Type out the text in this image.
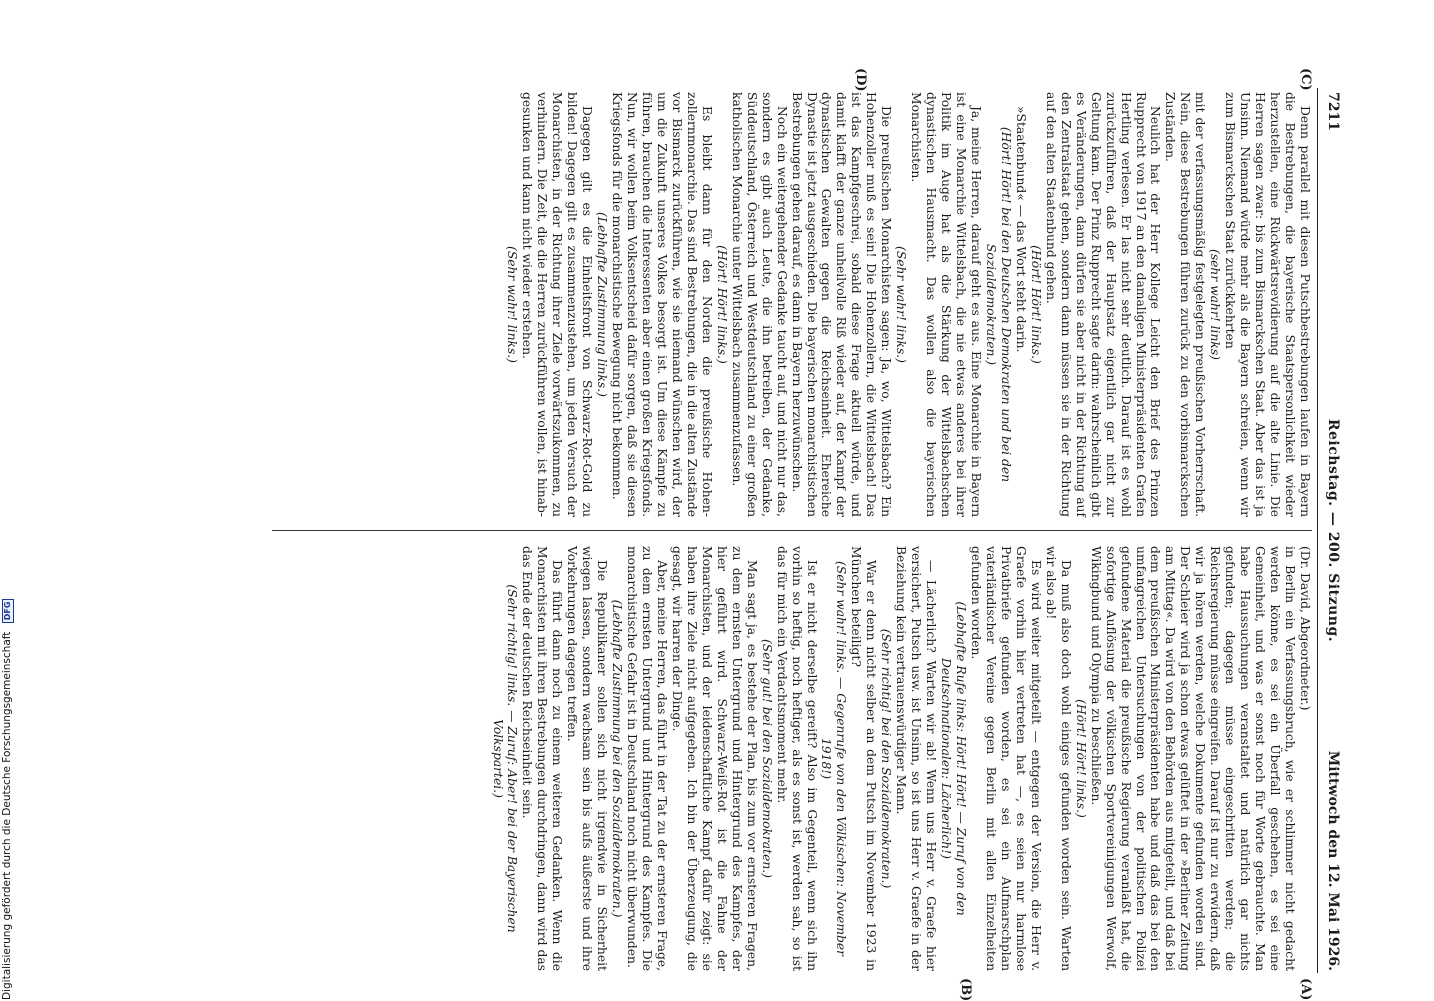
7211
Reichstag. — 200. Sitzung.
(C)
(D)
(A)
(B)

(Dr. David, Abgeordneter.)

in Berlin ein Verfassungsbruch, wie er schlimmer nicht gedacht werden könne, es sei ein Überfall geschehen, es sei eine Gemeinheit, und was er sonst noch für Worte gebrauchte. Man habe Haussuchungen veranstaltet und natürlich gar nichts gefunden; dagegen müsse eingeschritten werden; die Reichsregierung müsse eingreifen. Darauf ist nur zu erwidern, daß wir ja hören werden, welche Dokumente gefunden worden sind. Der Schleier wird ja schon etwas gelüftet in der »Berliner Zeitung am Mittag«. Da wird von den Behörden aus mitgeteilt, und daß bei dem preußischen Ministerpräsidenten habe und daß das bei den umfangreichen Untersuchungen von der politischen Polizei gefundene Material die preußische Regierung veranlaßt hat, die sofortige Auflösung der völkischen Sportvereinigungen Werwolf, Wikingbund und Olympia zu beschließen.

(Hört! Hört! links.)

Da muß also doch wohl einiges gefunden worden sein. Warten wir also ab!

Es wird weiter mitgeteilt — entgegen der Version, die Herr v. Graefe vorhin hier vertreten hat —, es seien nur harmlose Privatbriefe gefunden worden, es sei ein Aufmarschplan vaterländischer Vereine gegen Berlin mit allen Einzelheiten gefunden worden.

(Lebhafte Rufe links: Hört! Hört! — Zuruf von den Deutschnationalen: Lächerlich!)

— Lächerlich? Warten wir ab! Wenn uns Herr v. Graefe hier versichert, Putsch usw. ist Unsinn, so ist uns Herr v. Graefe in der Beziehung kein vertrauenswürdiger Mann.

(Sehr richtig! bei den Sozialdemokraten.)

War er denn nicht selber an dem Putsch im November 1923 in München beteiligt?

(Sehr wahr! links. — Gegenrufe von den Völkischen: November 1918!)

Ist er nicht derselbe gereift? Also im Gegenteil, wenn sich ihn vorhin so heftig, noch heftiger, als es sonst ist, werden sah, so ist das für mich ein Verdachtsmoment mehr.

(Sehr gut! bei den Sozialdemokraten.)

Man sagt ja, es bestehe der Plan, bis zum vor ernsteren Fragen, zu dem ernsten Untergrund und Hintergrund des Kampfes, der hier geführt wird. Schwarz-Weiß-Rot ist die Fahne der Monarchisten, und der leidenschaftliche Kampf dafür zeigt: sie haben ihre Ziele nicht aufgegeben. Ich bin der Überzeugung, die gesagt, wir harren der Dinge.

Aber, meine Herren, das führt in der Tat zu der ernsteren Frage, zu dem ernsten Untergrund und Hintergrund des Kampfes. Die monarchistische Gefahr ist in Deutschland noch nicht überwunden.

(Lebhafte Zustimmung bei den Sozialdemokraten.)

Die Republikaner sollen sich nicht irgendwie in Sicherheit wiegen lassen, sondern wachsam sein bis aufs äußerste und ihre Vorkehrungen dagegen treffen.

Das führt dann noch zu einem weiteren Gedanken. Wenn die Monarchisten mit ihren Bestrebungen durchdringen, dann wird das das Ende der deutschen Reichseinheit sein.

(Sehr richtig! links. — Zuruf: Aber! bei der Bayerischen Volkspartei.)

Denn parallel mit diesen Putschbestrebungen laufen in Bayern die Bestrebungen, die bayerische Staatspersonlichkeit wieder herzustellen, eine Rückwärtsrevidierung auf die alte Linie. Die Herren sagen zwar: bis zum Bismarckschen Staat. Aber das ist ja Unsinn. Niemand würde mehr als die Bayern schreien, wenn wir zum Bismarckschen Staat zurückkehrten

(sehr wahr! links)

mit der verfassungsmäßig festgelegten preußischen Vorherrschaft. Nein, diese Bestrebungen führen zurück zu den vorbismarckschen Zuständen.

Neulich hat der Herr Kollege Leicht den Brief des Prinzen Rupprecht von 1917 an den damaligen Ministerpräsidenten Grafen Hertling verlesen. Er las nicht sehr deutlich. Darauf ist es wohl zurückzuführen, daß der Hauptsatz eigentlich gar nicht zur Geltung kam. Der Prinz Rupprecht sagte darin: wahrscheinlich gibt es Veränderungen, dann dürfen sie aber nicht in der Richtung auf den Zentralstaat gehen, sondern dann müssen sie in der Richtung auf den alten Staatenbund gehen.

(Hört! Hört! links.)

»Staatenbund« — das Wort steht darin.

(Hört! Hört! bei den Deutschen Demokraten und bei den Sozialdemokraten.)

Ja, meine Herren, darauf geht es aus. Eine Monarchie in Bayern ist eine Monarchie Wittelsbach, die nie etwas anderes bei ihrer Politik im Auge hat als die Stärkung der Wittelsbachschen dynastischen Hausmacht. Das wollen also die bayerischen Monarchisten.

(Sehr wahr! links.)

Die preußischen Monarchisten sagen: Ja, wo, Wittelsbach? Ein Hohenzoller muß es sein! Die Hohenzollern, die Wittelsbach! Das ist das Kampfgeschrei, sobald diese Frage aktuell würde, und damit klafft der ganze unheilvolle Riß wieder auf, der Kampf der dynastischen Gewalten gegen die Reichseinheit. Ehereiche Dynastie ist jetzt ausgeschieden. Die bayerischen monarchistischen Bestrebungen gehen darauf, es dann in Bayern herzuwünschen.

Noch ein weitergehender Gedanke taucht auf, und nicht nur das, sondern es gibt auch Leute, die ihn betreiben, der Gedanke, Süddeutschland, Österreich und Westdeutschland zu einer großen katholischen Monarchie unter Wittelsbach zusammenzufassen.

(Hört! Hört! links.)

Es bleibt dann für den Norden die preußische Hohenzollernmonarchie. Das sind Bestrebungen, die in die alten Zustände vor Bismarck zurückführen, wie sie niemand wünschen wird, der um die Zukunft unseres Volkes besorgt ist. Um diese Kämpfe zu führen, brauchen die Interessenten aber einen großen Kriegsfonds. Nun, wir wollen beim Volksentscheid dafür sorgen, daß sie diesen Kriegsfonds für die monarchistische Bewegung nicht bekommen.

(Lebhafte Zustimmung links.)

Dagegen gilt es die Einheitsfront von Schwarz-Rot-Gold zu bilden! Dagegen gilt es zusammenzustehen, um jeden Versuch der Monarchisten, in der Richtung ihrer Ziele vorwärtszukommen, zu verhindern. Die Zeit, die die Herren zurückführen wollen, ist hinabgesunken und kann nicht wieder erstehen.

(Sehr wahr! links.)

Mittwoch den 12. Mai 1926.
Digitalisierung gefördert durch die Deutsche Forschungsgemeinschaft DFG
